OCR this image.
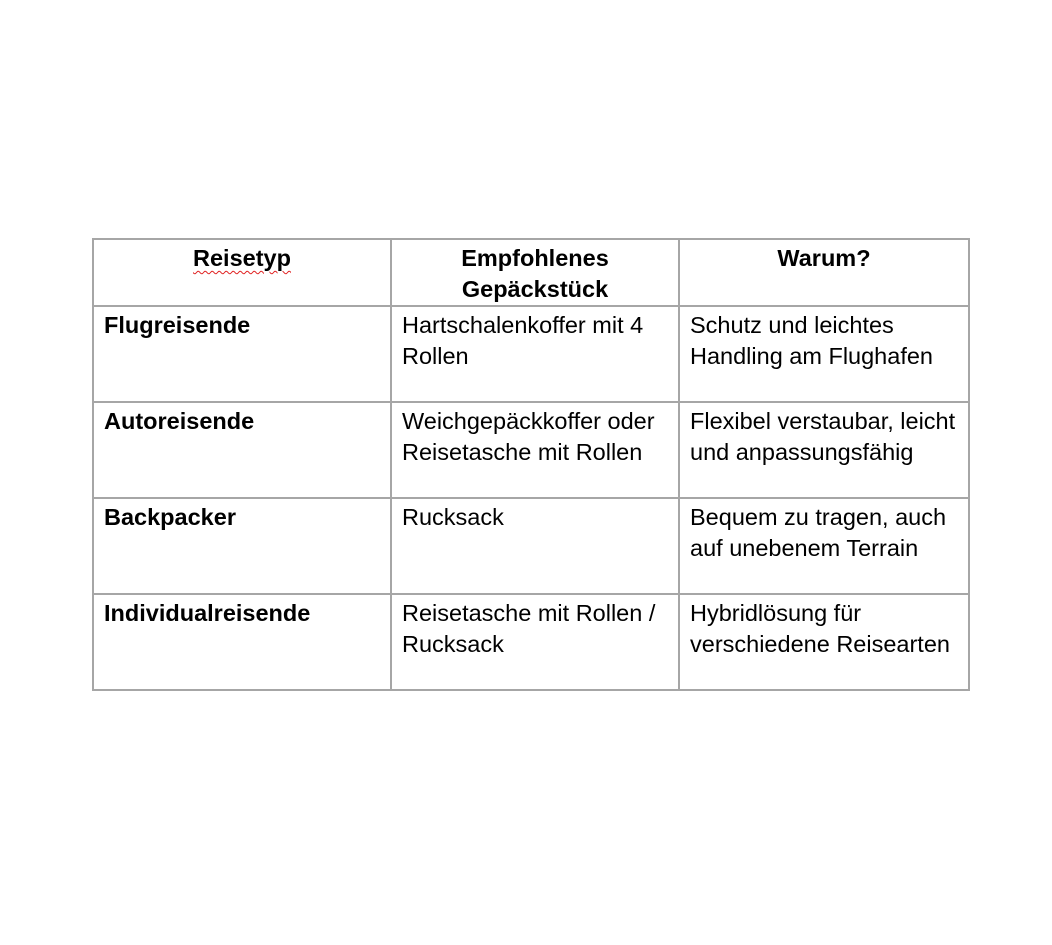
Reisetyp	Empfohlenes Gepäckstück	Warum?
Flugreisende	Hartschalenkoffer mit 4 Rollen	Schutz und leichtes Handling am Flughafen
Autoreisende	Weichgepäckkoffer oder Reisetasche mit Rollen	Flexibel verstaubar, leicht und anpassungsfähig
Backpacker	Rucksack	Bequem zu tragen, auch auf unebenem Terrain
Individualreisende	Reisetasche mit Rollen / Rucksack	Hybridlösung für verschiedene Reisearten
